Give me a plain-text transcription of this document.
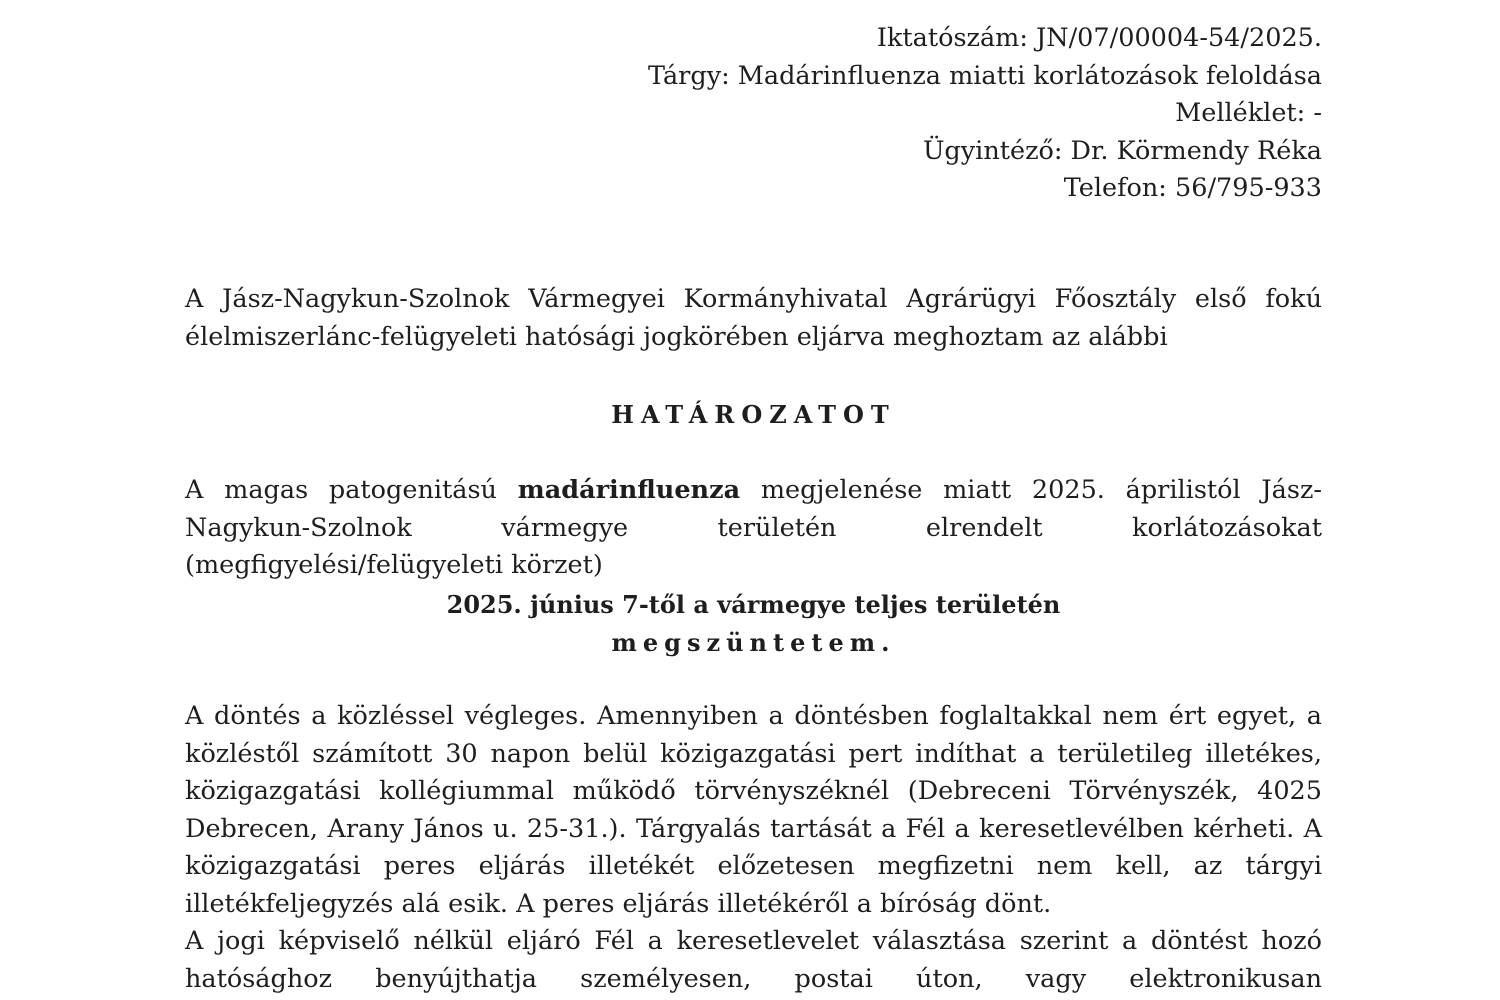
Iktatószám: JN/07/00004-54/2025.
Tárgy: Madárinfluenza miatti korlátozások feloldása
Melléklet: -
Ügyintéző: Dr. Körmendy Réka
Telefon: 56/795-933

A Jász-Nagykun-Szolnok Vármegyei Kormányhivatal Agrárügyi Főosztály első fokú élelmiszerlánc-felügyeleti hatósági jogkörében eljárva meghoztam az alábbi

HATÁROZATOT

A magas patogenitású madárinfluenza megjelenése miatt 2025. áprilistól Jász-Nagykun-Szolnok vármegye területén elrendelt korlátozásokat (megfigyelési/felügyeleti körzet)

2025. június 7-től a vármegye teljes területén
megszüntetem.

A döntés a közléssel végleges. Amennyiben a döntésben foglaltakkal nem ért egyet, a közléstől számított 30 napon belül közigazgatási pert indíthat a területileg illetékes, közigazgatási kollégiummal működő törvényszéknél (Debreceni Törvényszék, 4025 Debrecen, Arany János u. 25-31.). Tárgyalás tartását a Fél a keresetlevélben kérheti. A közigazgatási peres eljárás illetékét előzetesen megfizetni nem kell, az tárgyi illetékfeljegyzés alá esik. A peres eljárás illetékéről a bíróság dönt.

A jogi képviselő nélkül eljáró Fél a keresetlevelet választása szerint a döntést hozó hatósághoz benyújthatja személyesen, postai úton, vagy elektronikusan
